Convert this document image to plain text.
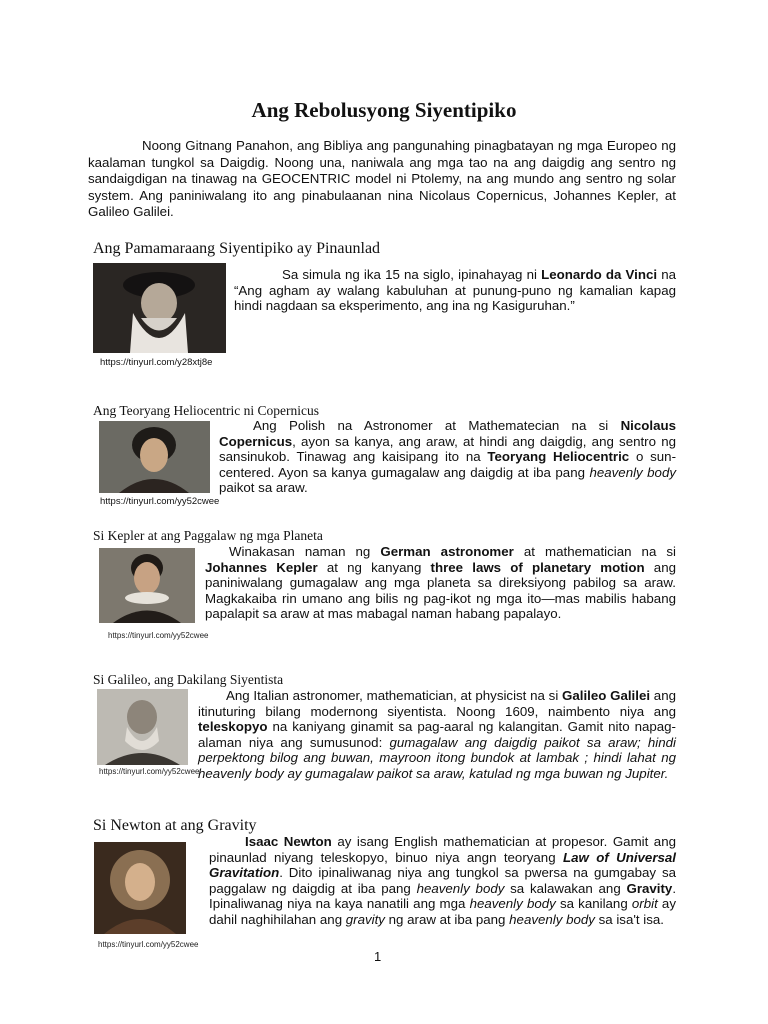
Ang Rebolusyong Siyentipiko
Noong Gitnang Panahon, ang Bibliya ang pangunahing pinagbatayan ng mga Europeo ng kaalaman tungkol sa Daigdig. Noong una, naniwala ang mga tao na ang daigdig ang sentro ng sandaigdigan na tinawag na GEOCENTRIC model ni Ptolemy, na ang mundo ang sentro ng solar system. Ang paniniwalang ito ang pinabulaanan nina Nicolaus Copernicus, Johannes Kepler, at Galileo Galilei.
Ang Pamamaraang Siyentipiko ay Pinaunlad
https://tinyurl.com/y28xtj8e
Sa simula ng ika 15 na siglo, ipinahayag ni Leonardo da Vinci na “Ang agham ay walang kabuluhan at punung-puno ng kamalian kapag hindi nagdaan sa eksperimento, ang ina ng Kasiguruhan.”
Ang Teoryang Heliocentric ni Copernicus
https://tinyurl.com/yy52cwee
Ang Polish na Astronomer at Mathematecian na si Nicolaus Copernicus, ayon sa kanya, ang araw, at hindi ang daigdig, ang sentro ng sansinukob. Tinawag ang kaisipang ito na Teoryang Heliocentric o sun-centered. Ayon sa kanya gumagalaw ang daigdig at iba pang heavenly body paikot sa araw.
Si Kepler at ang Paggalaw ng mga Planeta
https://tinyurl.com/yy52cwee
Winakasan naman ng German astronomer at mathematician na si Johannes Kepler at ng kanyang three laws of planetary motion ang paniniwalang gumagalaw ang mga planeta sa direksiyong pabilog sa araw. Magkakaiba rin umano ang bilis ng pag-ikot ng mga ito—mas mabilis habang papalapit sa araw at mas mabagal naman habang papalayo.
Si Galileo, ang Dakilang Siyentista
https://tinyurl.com/yy52cwee
Ang Italian astronomer, mathematician, at physicist na si Galileo Galilei ang itinuturing bilang modernong siyentista. Noong 1609, naimbento niya ang teleskopyo na kaniyang ginamit sa pag-aaral ng kalangitan. Gamit nito napag- alaman niya ang sumusunod: gumagalaw ang daigdig paikot sa araw; hindi perpektong bilog ang buwan, mayroon itong bundok at lambak ; hindi lahat ng heavenly body ay gumagalaw paikot sa araw, katulad ng mga buwan ng Jupiter.
Si Newton at ang Gravity
https://tinyurl.com/yy52cwee
Isaac Newton ay isang English mathematician at propesor. Gamit ang pinaunlad niyang teleskopyo, binuo niya angn teoryang Law of Universal Gravitation. Dito ipinaliwanag niya ang tungkol sa pwersa na gumgabay sa paggalaw ng daigdig at iba pang heavenly body sa kalawakan ang Gravity. Ipinaliwanag niya na kaya nanatili ang mga heavenly body sa kanilang orbit ay dahil naghihilahan ang gravity ng araw at iba pang heavenly body sa isa't isa.
1
